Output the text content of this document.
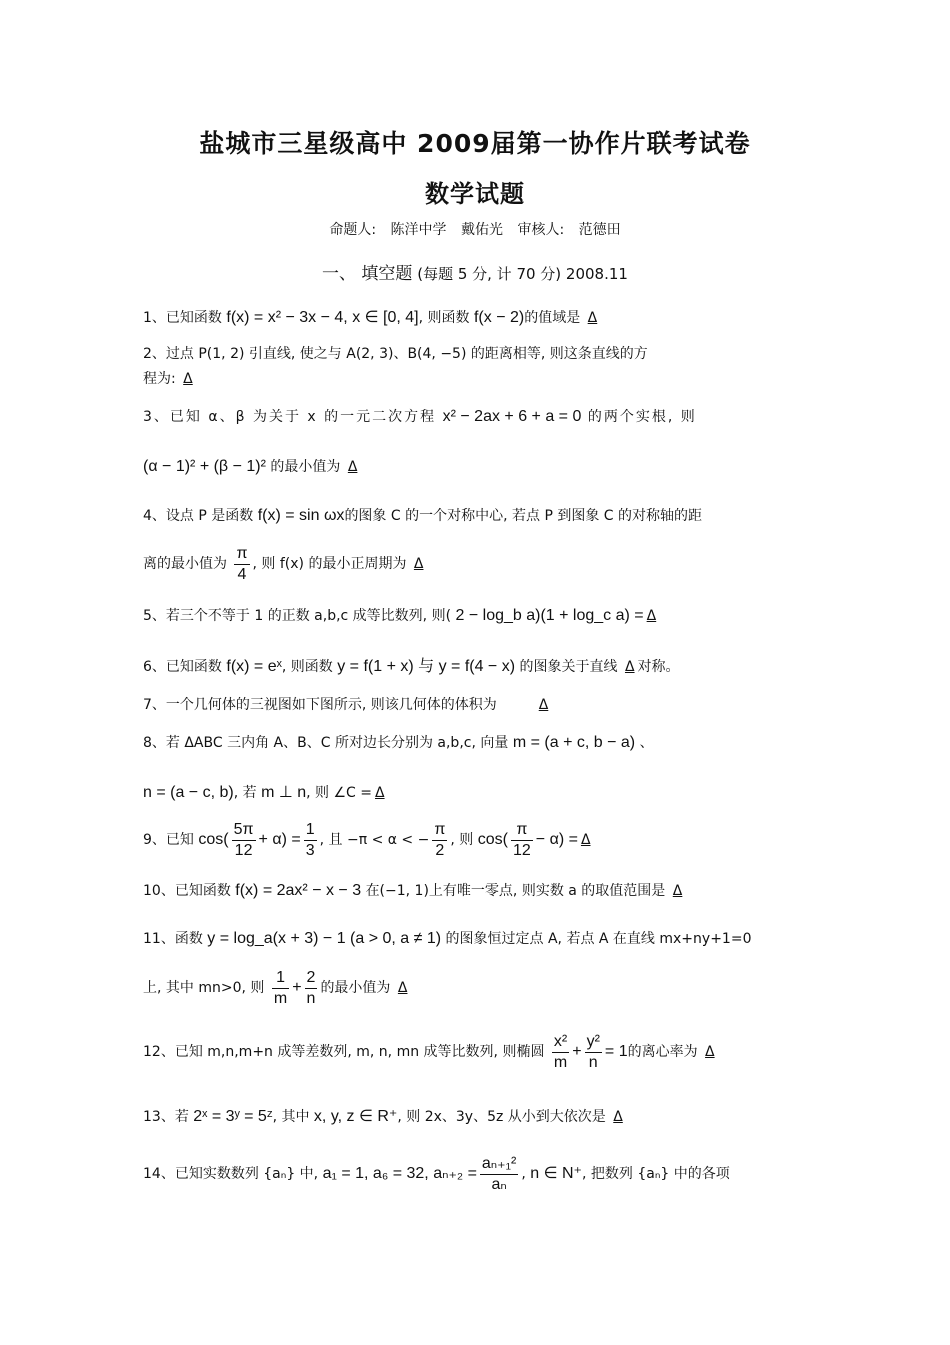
盐城市三星级高中 2009届第一协作片联考试卷
数学试题
命题人: 陈洋中学 戴佑光 审核人: 范德田
一、 填空题 (每题 5 分, 计 70 分) 2008.11
1、已知函数 f(x) = x² − 3x − 4, x ∈ [0, 4], 则函数 f(x − 2)的值域是 Δ
2、过点 P(1, 2) 引直线, 使之与 A(2, 3)、B(4, −5) 的距离相等, 则这条直线的方
程为: Δ
3、已知 α、β 为关于 x 的一元二次方程 x² − 2ax + 6 + a = 0 的两个实根, 则
(α − 1)² + (β − 1)² 的最小值为 Δ
4、设点 P 是函数 f(x) = sin ωx的图象 C 的一个对称中心, 若点 P 到图象 C 的对称轴的距
离的最小值为 $\frac{\pi}{4}$ , 则 f(x) 的最小正周期为 Δ
5、若三个不等于 1 的正数 a,b,c 成等比数列, 则( 2 − log_b a)(1 + log_c a) = Δ
6、已知函数 f(x) = eˣ, 则函数 y = f(1 + x) 与 y = f(4 − x) 的图象关于直线 Δ 对称。
7、一个几何体的三视图如下图所示, 则该几何体的体积为	Δ
8、若 ΔABC 三内角 A、B、C 所对边长分别为 a,b,c, 向量 m = (a + c, b − a) 、
n = (a − c, b), 若 m ⊥ n, 则 ∠C = Δ
9、已知 $\cos( \frac{5\pi}{12} + \alpha) = \frac{1}{3}$ , 且 −π < α < − $\frac{\pi}{2}$ , 则 $\cos( \frac{\pi}{12} - \alpha) = \Delta$
10、已知函数 f(x) = 2ax² − x − 3 在(−1, 1)上有唯一零点, 则实数 a 的取值范围是 Δ
11、函数 y = log_a(x + 3) − 1 (a > 0, a ≠ 1) 的图象恒过定点 A, 若点 A 在直线 mx+ny+1=0
上, 其中 mn>0, 则 $\frac{1}{m} + \frac{2}{n}$ 的最小值为 Δ
12、已知 m,n,m+n 成等差数列, m, n, mn 成等比数列, 则椭圆 $\frac{\text{x²}}{m} + \frac{\text{y²}}{n} = 1$的离心率为 Δ
13、若 2ˣ = 3ʸ = 5ᶻ, 其中 x, y, z ∈ R⁺, 则 2x、3y、5z 从小到大依次是 Δ
14、已知实数数列 {aₙ} 中, a₁ = 1, a₆ = 32, $a_{n+2} = \frac{\text{aₙ₊₁²}}{\text{aₙ}}$ , n ∈ N⁺, 把数列 {aₙ} 中的各项
